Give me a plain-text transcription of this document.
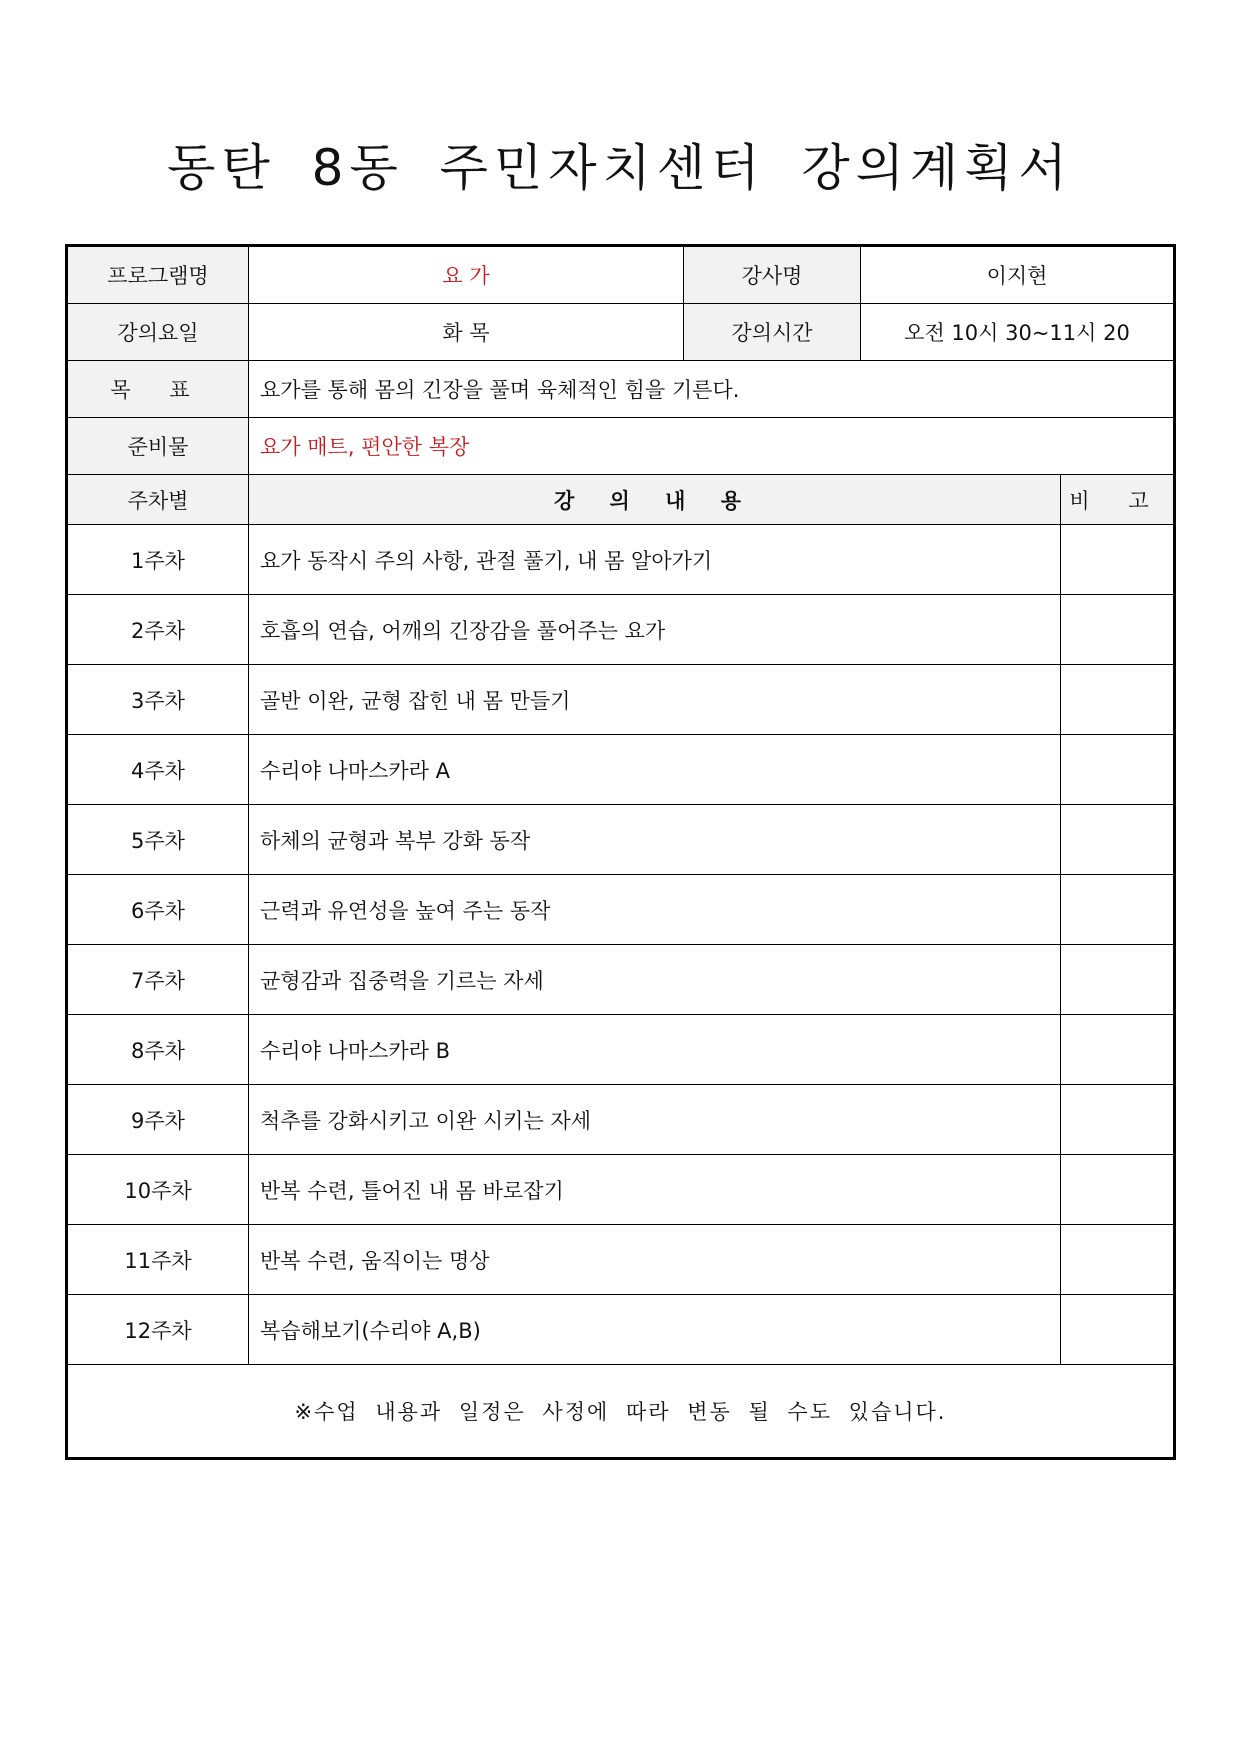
동탄 8동 주민자치센터 강의계획서
프로그램명	요 가	강사명	이지현	
강의요일	화 목	강의시간	오전 10시 30~11시 20	
목 표	요가를 통해 몸의 긴장을 풀며 육체적인 힘을 기른다.			
준비물	요가 매트, 편안한 복장			
주차별	강 의 내 용			비 고
1주차	요가 동작시 주의 사항, 관절 풀기, 내 몸 알아가기			
2주차	호흡의 연습, 어깨의 긴장감을 풀어주는 요가			
3주차	골반 이완, 균형 잡힌 내 몸 만들기			
4주차	수리야 나마스카라 A			
5주차	하체의 균형과 복부 강화 동작			
6주차	근력과 유연성을 높여 주는 동작			
7주차	균형감과 집중력을 기르는 자세			
8주차	수리야 나마스카라 B			
9주차	척추를 강화시키고 이완 시키는 자세			
10주차	반복 수련, 틀어진 내 몸 바로잡기			
11주차	반복 수련, 움직이는 명상			
12주차	복습해보기(수리야 A,B)			
※수업 내용과 일정은 사정에 따라 변동 될 수도 있습니다.				
